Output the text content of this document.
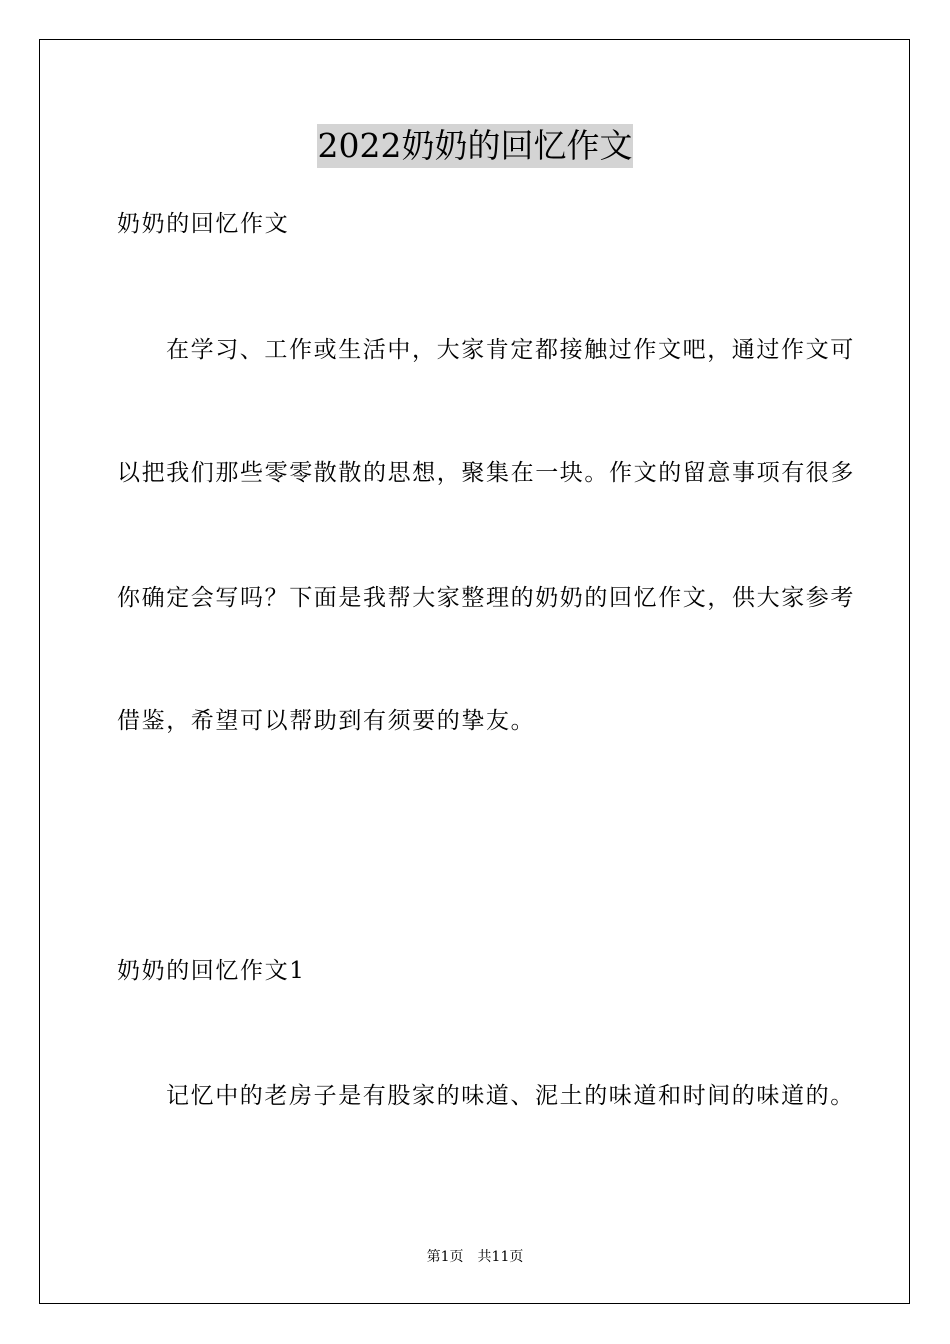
2022奶奶的回忆作文
奶奶的回忆作文
在学习、工作或生活中，大家肯定都接触过作文吧，通过作文可
以把我们那些零零散散的思想，聚集在一块。作文的留意事项有很多
你确定会写吗？下面是我帮大家整理的奶奶的回忆作文，供大家参考
借鉴，希望可以帮助到有须要的挚友。
奶奶的回忆作文1
记忆中的老房子是有股家的味道、泥土的味道和时间的味道的。
第1页　共11页
